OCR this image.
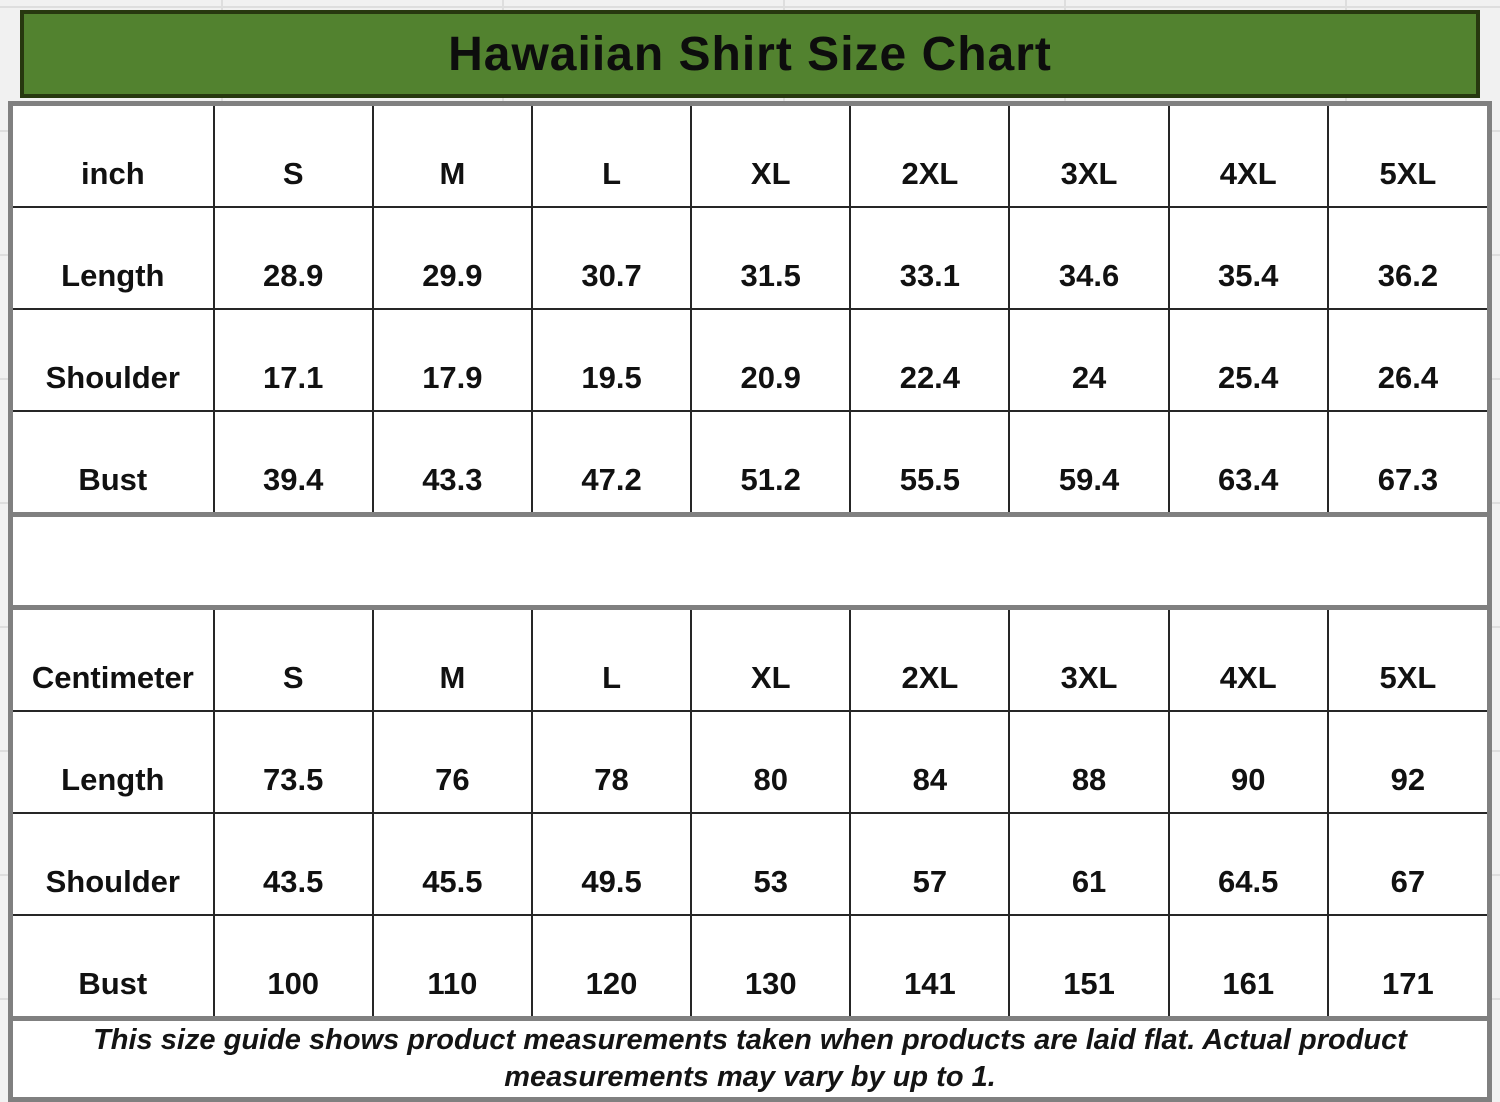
Hawaiian Shirt Size Chart
inch	S	M	L	XL	2XL	3XL	4XL	5XL
Length	28.9	29.9	30.7	31.5	33.1	34.6	35.4	36.2
Shoulder	17.1	17.9	19.5	20.9	22.4	24	25.4	26.4
Bust	39.4	43.3	47.2	51.2	55.5	59.4	63.4	67.3
Centimeter	S	M	L	XL	2XL	3XL	4XL	5XL
Length	73.5	76	78	80	84	88	90	92
Shoulder	43.5	45.5	49.5	53	57	61	64.5	67
Bust	100	110	120	130	141	151	161	171
This size guide shows product measurements taken when products are laid flat. Actual product
measurements may vary by up to 1.
